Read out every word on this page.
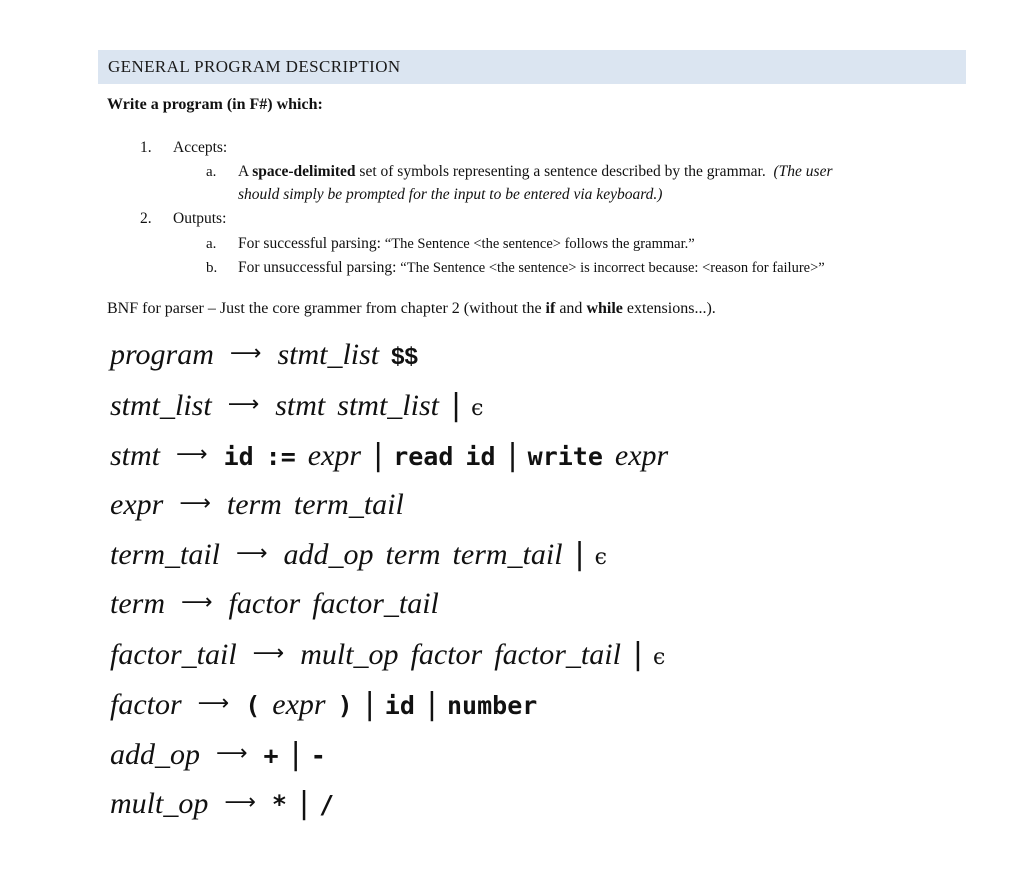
GENERAL PROGRAM DESCRIPTION
Write a program (in F#) which:
1. Accepts:
a. A space-delimited set of symbols representing a sentence described by the grammar. (The user
should simply be prompted for the input to be entered via keyboard.)
2. Outputs:
a. For successful parsing: “The Sentence <the sentence> follows the grammar.”
b. For unsuccessful parsing: “The Sentence <the sentence> is incorrect because: <reason for failure>”
BNF for parser – Just the core grammer from chapter 2 (without the if and while extensions...).
program ⟶ stmt_list $$
stmt_list ⟶ stmt stmt_list | ϵ
stmt ⟶ id := expr | read id | write expr
expr ⟶ term term_tail
term_tail ⟶ add_op term term_tail | ϵ
term ⟶ factor factor_tail
factor_tail ⟶ mult_op factor factor_tail | ϵ
factor ⟶ ( expr ) | id | number
add_op ⟶ + | -
mult_op ⟶ * | /
